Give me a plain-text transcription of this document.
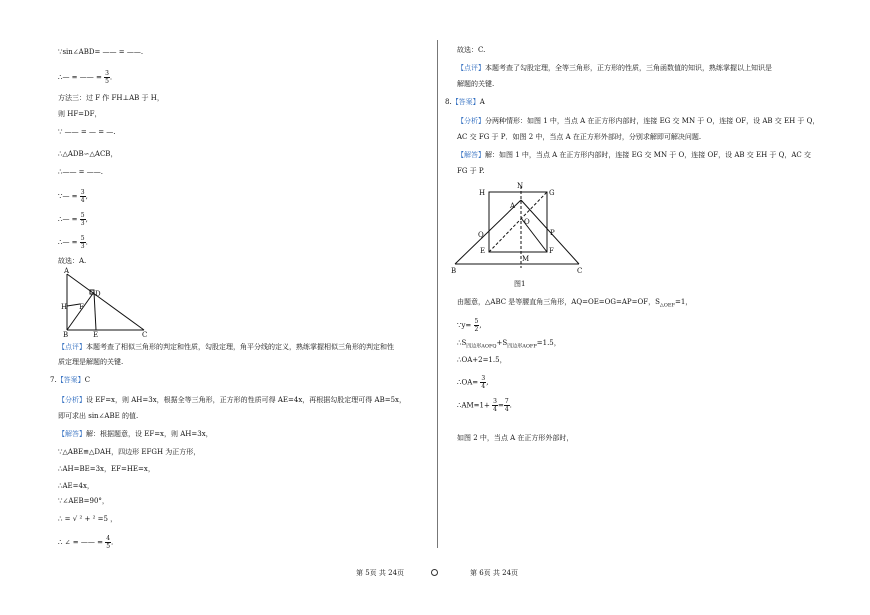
∵sin∠ABD= —— = ——.
∴— = —— = $\frac{3}{5}$ .
方法三：过 F 作 FH⊥AB 于 H，
则 HF=DF，
∵ —— = — = —.
∴△ADB∽△ACB，
∴—— = ——.
∵— = $\frac{3}{4}$ ,
∴— = $\frac{5}{3}$ ,
∴— = $\frac{5}{3}$ .
故选：A.
A
D
H F
B	E	C
【点评】本题考查了相似三角形的判定和性质，勾股定理，角平分线的定义，熟练掌握相似三角形的判定和性
质定理是解题的关键.
7.【答案】C
【分析】设 EF=x，则 AH=3x，根据全等三角形，正方形的性质可得 AE=4x，再根据勾股定理可得 AB=5x，
即可求出 sin∠ABE 的值.
【解答】解：根据题意，设 EF=x，则 AH=3x，
∵△ABE≌△DAH，四边形 EFGH 为正方形，
∴AH=BE=3x，EF=HE=x，
∴AE=4x，
∵∠AEB=90°，
∴ = √ ² + ² =5 ，
∴ ∠ = —— = $\frac{4}{5}$ .
故选：C.
【点评】本题考查了勾股定理，全等三角形，正方形的性质，三角函数值的知识，熟练掌握以上知识是
解题的关键.
8.【答案】A
【分析】分两种情形：如图 1 中，当点 A 在正方形内部时，连接 EG 交 MN 于 O，连接 OF，设 AB 交 EH 于 Q，
AC 交 FG 于 P．如图 2 中，当点 A 在正方形外部时，分别求解即可解决问题.
【解答】解：如图 1 中，当点 A 在正方形内部时，连接 EG 交 MN 于 O，连接 OF，设 AB 交 EH 于 Q，AC 交
FG 于 P.
H
N
G
A
O
Q	P
E	F
M
B	C
图1
由题意，△ABC 是等腰直角三角形，AQ=OE=OG=AP=OF，$S_{\triangle OEF}=1$，
∵y= $\frac{5}{2}$ ,
$\therefore S_{四边形AOFQ}+S_{四边形AOFP}=1.5$，
∴OA+2=1.5，
∴OA= $\frac{3}{4}$ ,
∴AM=1+ $\frac{3}{4} = \frac{7}{4}$ .
如图 2 中，当点 A 在正方形外部时，
第 5页 共 24页	第 6页 共 24页
